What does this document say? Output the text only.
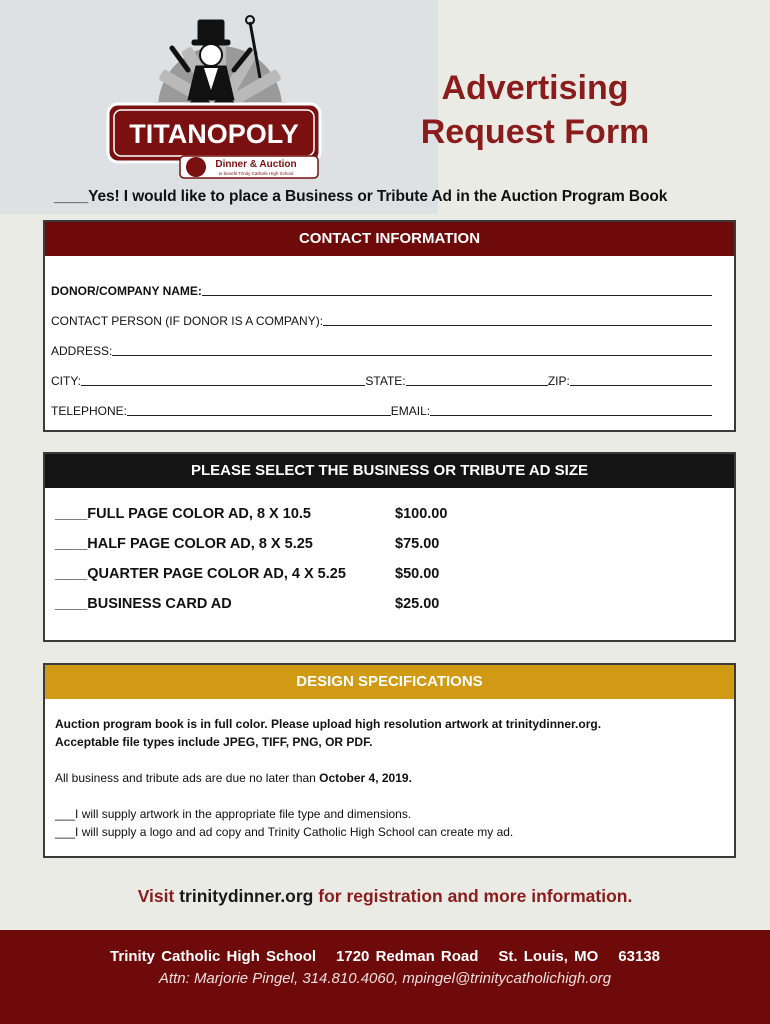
TITANOPOLY
Dinner & Auction
to benefit Trinity Catholic High School
Advertising
Request Form
____Yes! I would like to place a Business or Tribute Ad in the Auction Program Book
CONTACT INFORMATION
DONOR/COMPANY NAME:
CONTACT PERSON (IF DONOR IS A COMPANY):
ADDRESS:
CITY:	STATE:	ZIP:
TELEPHONE:	EMAIL:
PLEASE SELECT THE BUSINESS OR TRIBUTE AD SIZE
____FULL PAGE COLOR AD, 8 X 10.5	$100.00
____HALF PAGE COLOR AD, 8 X 5.25	$75.00
____QUARTER PAGE COLOR AD, 4 X 5.25	$50.00
____BUSINESS CARD AD	$25.00
DESIGN SPECIFICATIONS
Auction program book is in full color. Please upload high resolution artwork at trinitydinner.org.
Acceptable file types include JPEG, TIFF, PNG, OR PDF.
All business and tribute ads are due no later than October 4, 2019.
___I will supply artwork in the appropriate file type and dimensions.
___I will supply a logo and ad copy and Trinity Catholic High School can create my ad.
Visit trinitydinner.org for registration and more information.
Trinity Catholic High School 1720 Redman Road St. Louis, MO 63138
Attn: Marjorie Pingel, 314.810.4060, mpingel@trinitycatholichigh.org
